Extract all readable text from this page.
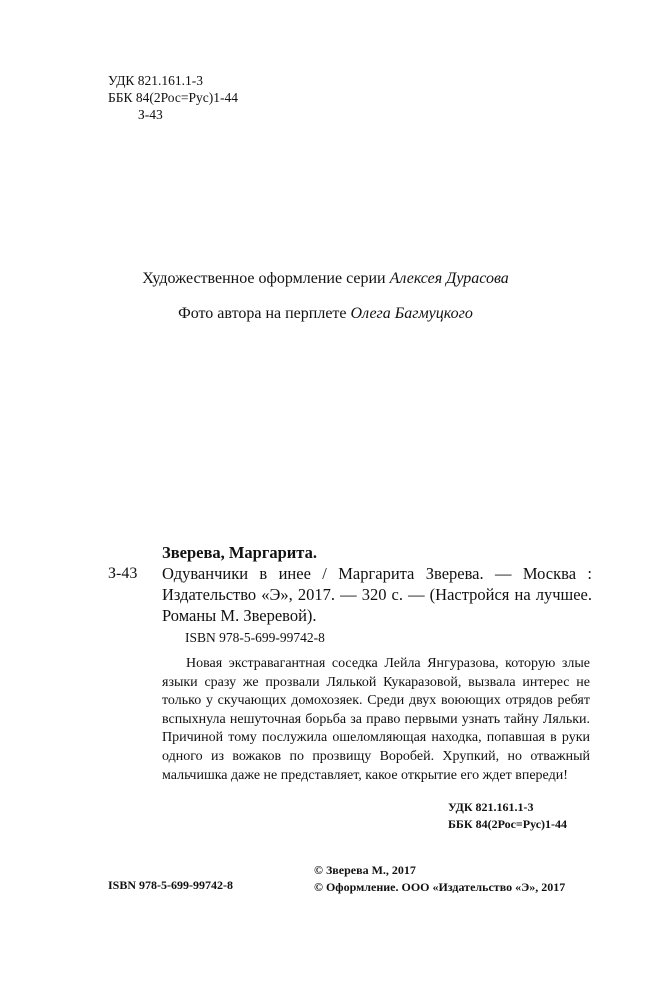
УДК 821.161.1-3
ББК 84(2Рос=Рус)1-44
З-43
Художественное оформление серии Алексея Дурасова
Фото автора на перплете Олега Багмуцкого
Зверева, Маргарита.
З-43 Одуванчики в инее / Маргарита Зверева. — Москва : Издательство «Э», 2017. — 320 с. — (Настройся на лучшее. Романы М. Зверевой).
ISBN 978-5-699-99742-8
Новая экстравагантная соседка Лейла Янгуразова, которую злые языки сразу же прозвали Лялькой Кукаразовой, вызвала интерес не только у скучающих домохозяек. Среди двух воюющих отрядов ребят вспыхнула нешуточная борьба за право первыми узнать тайну Ляльки. Причиной тому послужила ошеломляющая находка, попавшая в руки одного из вожаков по прозвищу Воробей. Хрупкий, но отважный мальчишка даже не представляет, какое открытие его ждет впереди!
УДК 821.161.1-3
ББК 84(2Рос=Рус)1-44
ISBN 978-5-699-99742-8
© Зверева М., 2017
© Оформление. ООО «Издательство «Э», 2017
